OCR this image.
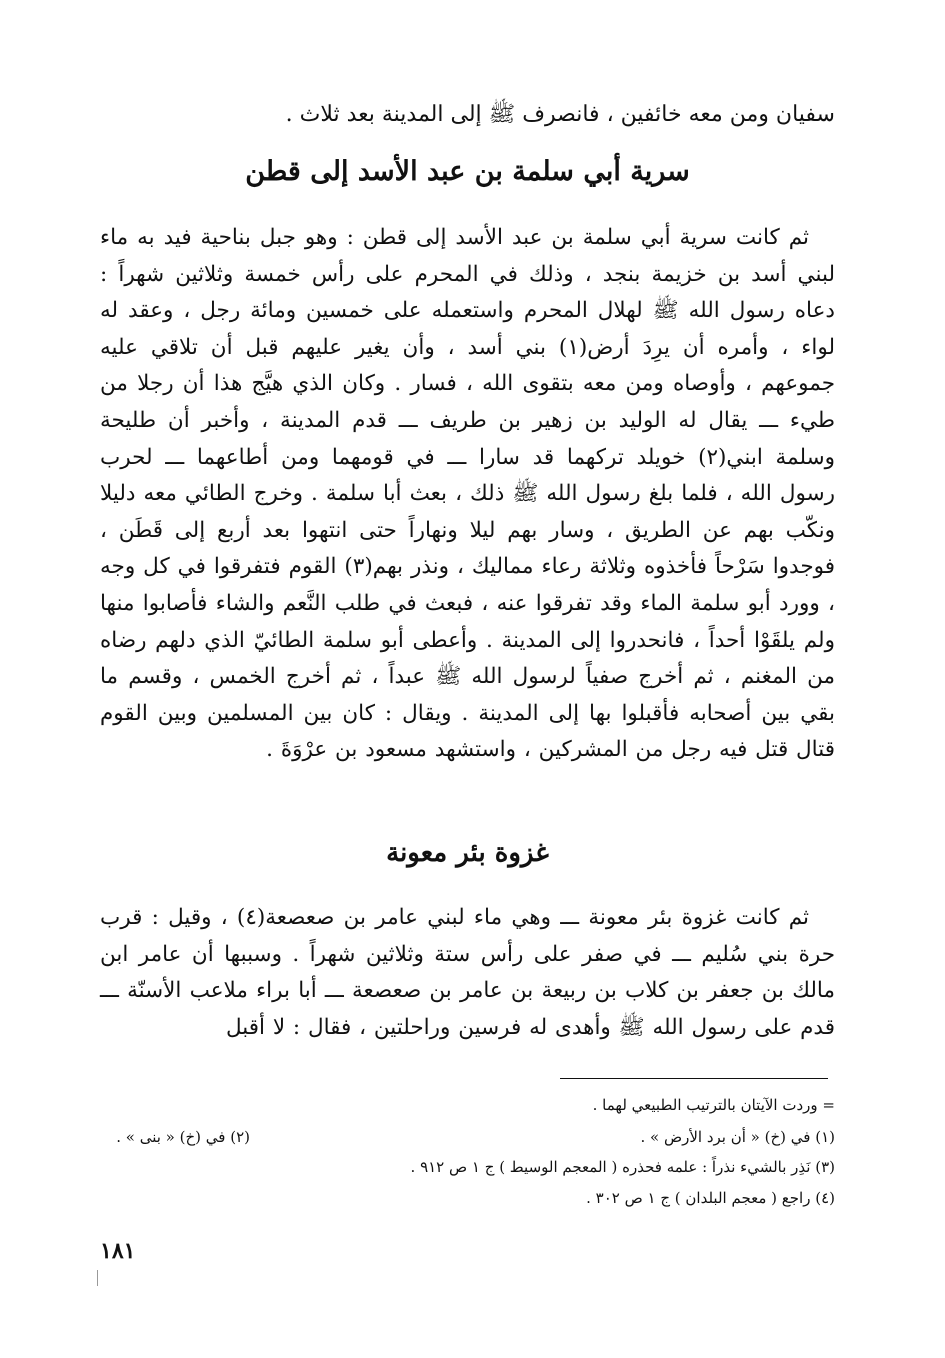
سفيان ومن معه خائفين ، فانصرف ﷺ إلى المدينة بعد ثلاث .
سرية أبي سلمة بن عبد الأسد إلى قطن
ثم كانت سرية أبي سلمة بن عبد الأسد إلى قطن : وهو جبل بناحية فيد به ماء لبني أسد بن خزيمة بنجد ، وذلك في المحرم على رأس خمسة وثلاثين شهراً : دعاه رسول الله ﷺ لهلال المحرم واستعمله على خمسين ومائة رجل ، وعقد له لواء ، وأمره أن يرِدَ أرض(١) بني أسد ، وأن يغير عليهم قبل أن تلاقي عليه جموعهم ، وأوصاه ومن معه بتقوى الله ، فسار . وكان الذي هيَّج هذا أن رجلا من طيء ـــ يقال له الوليد بن زهير بن طريف ـــ قدم المدينة ، وأخبر أن طليحة وسلمة ابني(٢) خويلد تركهما قد سارا ـــ في قومهما ومن أطاعهما ـــ لحرب رسول الله ، فلما بلغ رسول الله ﷺ ذلك ، بعث أبا سلمة . وخرج الطائي معه دليلا ونكّب بهم عن الطريق ، وسار بهم ليلا ونهاراً حتى انتهوا بعد أربع إلى قَطَن ، فوجدوا سَرْحاً فأخذوه وثلاثة رعاء مماليك ، ونذر بهم(٣) القوم فتفرقوا في كل وجه ، وورد أبو سلمة الماء وقد تفرقوا عنه ، فبعث في طلب النَّعم والشاء فأصابوا منها ولم يلقَوْا أحداً ، فانحدروا إلى المدينة . وأعطى أبو سلمة الطائيّ الذي دلهم رضاه من المغنم ، ثم أخرج صفياً لرسول الله ﷺ عبداً ، ثم أخرج الخمس ، وقسم ما بقي بين أصحابه فأقبلوا بها إلى المدينة . ويقال : كان بين المسلمين وبين القوم قتال قتل فيه رجل من المشركين ، واستشهد مسعود بن عرْوَةَ .
غزوة بئر معونة
ثم كانت غزوة بئر معونة ـــ وهي ماء لبني عامر بن صعصعة(٤) ، وقيل : قرب حرة بني سُليم ـــ في صفر على رأس ستة وثلاثين شهراً . وسببها أن عامر ابن مالك بن جعفر بن كلاب بن ربيعة بن عامر بن صعصعة ـــ أبا براء ملاعب الأسنّة ـــ قدم على رسول الله ﷺ وأهدى له فرسين وراحلتين ، فقال : لا أقبل
= وردت الآيتان بالترتيب الطبيعي لهما .
(١) في (خ) « أن برد الأرض » .
(٢) في (خ) « بنى » .
(٣) نَذِر بالشيء نذراً : علمه فحذره ( المعجم الوسيط ) ج ١ ص ٩١٢ .
(٤) راجع ( معجم البلدان ) ج ١ ص ٣٠٢ .
١٨١
